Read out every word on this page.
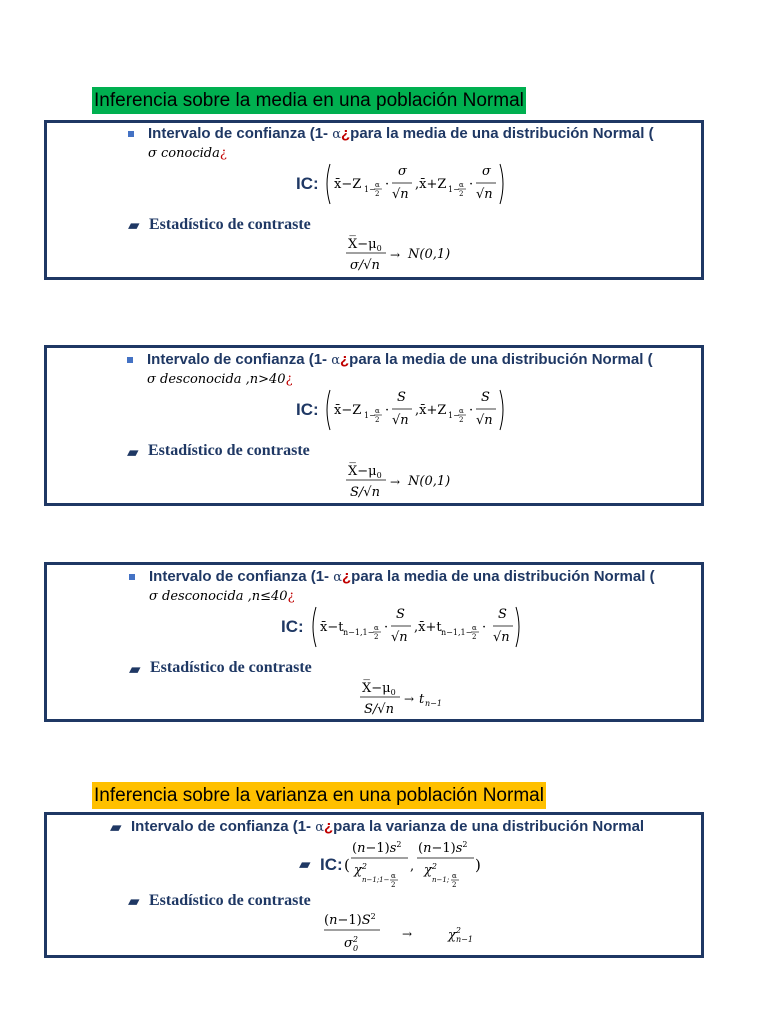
Inferencia sobre la media en una población Normal
Intervalo de confianza (1- α¿para la media de una distribución Normal (
σ conocida¿
IC: x̄−Z 1− α
2
·
σ
√n
,x̄+Z 1− α
2
·
σ
√n
▰ Estadístico de contraste
$X̅-\mu_0$
σ/√n
→ N(0,1)
Intervalo de confianza (1- α¿para la media de una distribución Normal (
σ desconocida ,n>40¿
IC: x̄−Z 1− α
2
·
S
√n
,x̄+Z 1− α
2
·
S
√n
▰ Estadístico de contraste
$X̅-\mu_0$
S/√n
→ N(0,1)
Intervalo de confianza (1- α¿para la media de una distribución Normal (
σ desconocida ,n≤40¿
IC: x̄−t n−1,1− α
2
·
S
√n
,x̄+t n−1,1− α
2
·
S
√n
▰ Estadístico de contraste
$X̅-\mu_0$
S/√n
→ t n−1
Inferencia sobre la varianza en una población Normal
▰ Intervalo de confianza (1- α¿para la varianza de una distribución Normal
▰ IC: (
$(n-1)s^2$
$\chi^2$
n−1;1− α
2
,
$(n-1)s^2$
$\chi^2$
n−1; α
2
)
▰ Estadístico de contraste
$(n-1)S^2$
$\sigma^2$ 0
→	$\chi^2$ n−1
